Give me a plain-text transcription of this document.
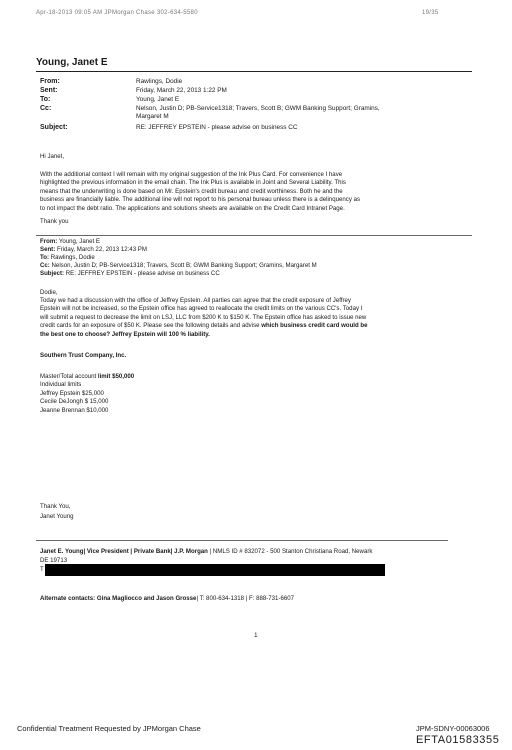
Apr-18-2013 09:05 AM JPMorgan Chase 302-634-5580	19/35
Young, Janet E
From:	Rawlings, Dodie
Sent:	Friday, March 22, 2013 1:22 PM
To:	Young, Janet E
Cc:	Nelson, Justin D; PB-Service1318; Travers, Scott B; GWM Banking Support; Gramins,
Margaret M
Subject:	RE: JEFFREY EPSTEIN - please advise on business CC
Hi Janet,
With the additional context I will remain with my original suggestion of the Ink Plus Card. For convenience I have
highlighted the previous information in the email chain. The Ink Plus is available in Joint and Several Liability. This
means that the underwriting is done based on Mr. Epstein's credit bureau and credit worthiness. Both he and the
business are financially liable. The additional line will not report to his personal bureau unless there is a delinquency as
to not impact the debt ratio. The applications and solutions sheets are available on the Credit Card Intranet Page.
Thank you
From: Young, Janet E
Sent: Friday, March 22, 2013 12:43 PM
To: Rawlings, Dodie
Cc: Nelson, Justin D; PB-Service1318; Travers, Scott B; GWM Banking Support; Gramins, Margaret M
Subject: RE: JEFFREY EPSTEIN - please advise on business CC
Dodie,
Today we had a discussion with the office of Jeffrey Epstein. All parties can agree that the credit exposure of Jeffrey
Epstein will not be increased, so the Epstein office has agreed to reallocate the credit limits on the various CC's. Today I
will submit a request to decrease the limit on LSJ, LLC from $200 K to $150 K. The Epstein office has asked to issue new
credit cards for an exposure of $50 K. Please see the following details and advise which business credit card would be
the best one to choose? Jeffrey Epstein will 100 % liability.
Southern Trust Company, Inc.
Master/Total account limit $50,000
Individual limits
Jeffrey Epstein $25,000
Cecile DeJongh $ 15,000
Jeanne Brennan $10,000
Thank You,
Janet Young
Janet E. Young| Vice President | Private Bank| J.P. Morgan | NMLS ID # 832072 - 500 Stanton Christiana Road, Newark
DE 19713
T
Alternate contacts: Gina Magliocco and Jason Grosse| T: 800-634-1318 | F: 888-731-6607
1
Confidential Treatment Requested by JPMorgan Chase	JPM-SDNY-00063006
EFTA01583355
